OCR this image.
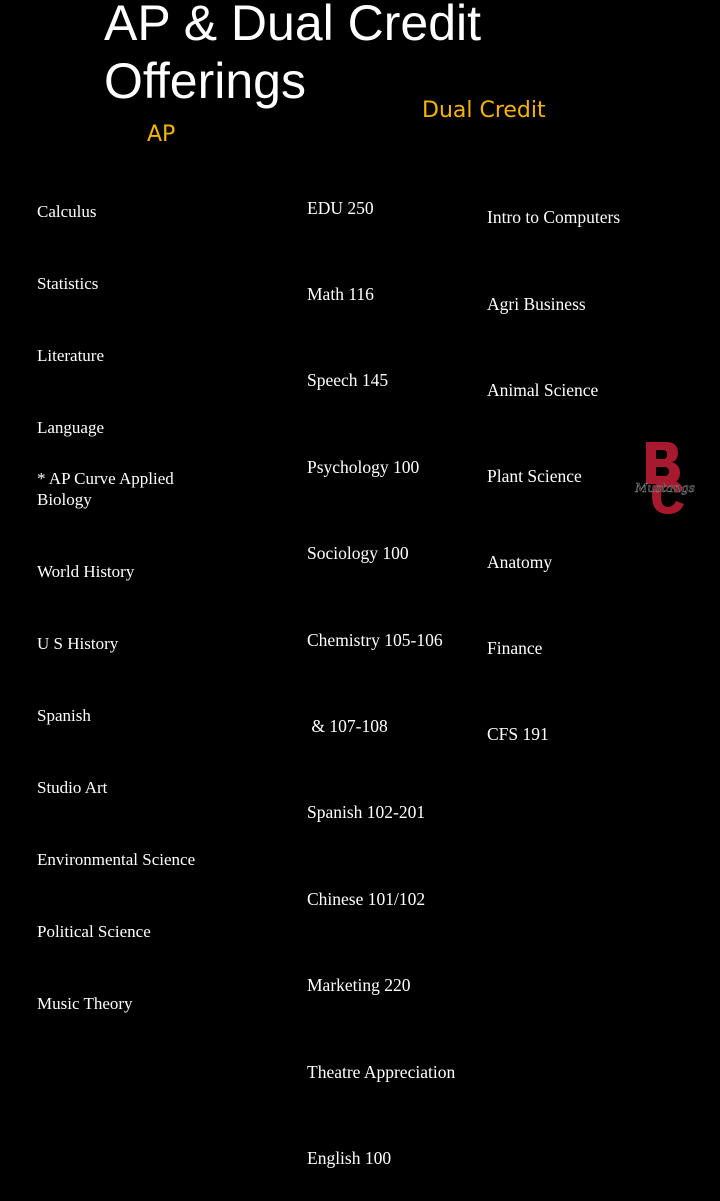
AP & Dual Credit
Offerings
AP
Dual Credit

Calculus

Statistics

Literature

Language

Biology

World History

U S History

Spanish

Studio Art

Environmental Science

Political Science

Music Theory

* AP Curve Applied

EDU 250

Math 116

Speech 145

Psychology 100

Sociology 100

Chemistry 105-106

& 107-108

Spanish 102-201

Chinese 101/102

Marketing 220

Theatre Appreciation

English 100

Intro to Computers

Agri Business

Animal Science

Plant Science

Anatomy

Finance

CFS 191

Mustangs
